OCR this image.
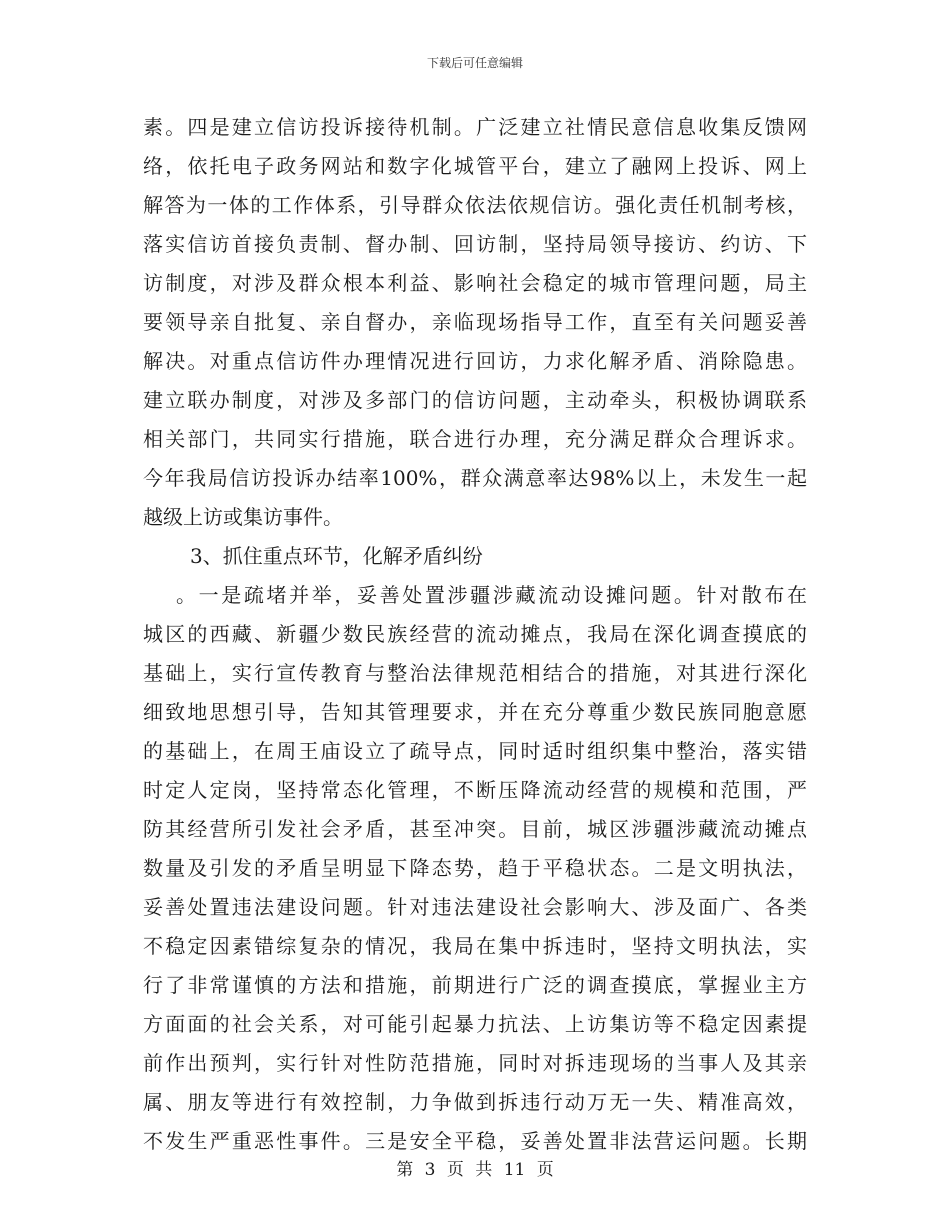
下载后可任意编辑
素。四是建立信访投诉接待机制。广泛建立社情民意信息收集反馈网
络，依托电子政务网站和数字化城管平台，建立了融网上投诉、网上
解答为一体的工作体系，引导群众依法依规信访。强化责任机制考核，
落实信访首接负责制、督办制、回访制，坚持局领导接访、约访、下
访制度，对涉及群众根本利益、影响社会稳定的城市管理问题，局主
要领导亲自批复、亲自督办，亲临现场指导工作，直至有关问题妥善
解决。对重点信访件办理情况进行回访，力求化解矛盾、消除隐患。
建立联办制度，对涉及多部门的信访问题，主动牵头，积极协调联系
相关部门，共同实行措施，联合进行办理，充分满足群众合理诉求。
今年我局信访投诉办结率100%，群众满意率达98%以上，未发生一起
越级上访或集访事件。
3、抓住重点环节，化解矛盾纠纷
。一是疏堵并举，妥善处置涉疆涉藏流动设摊问题。针对散布在
城区的西藏、新疆少数民族经营的流动摊点，我局在深化调查摸底的
基础上，实行宣传教育与整治法律规范相结合的措施，对其进行深化
细致地思想引导，告知其管理要求，并在充分尊重少数民族同胞意愿
的基础上，在周王庙设立了疏导点，同时适时组织集中整治，落实错
时定人定岗，坚持常态化管理，不断压降流动经营的规模和范围，严
防其经营所引发社会矛盾，甚至冲突。目前，城区涉疆涉藏流动摊点
数量及引发的矛盾呈明显下降态势，趋于平稳状态。二是文明执法，
妥善处置违法建设问题。针对违法建设社会影响大、涉及面广、各类
不稳定因素错综复杂的情况，我局在集中拆违时，坚持文明执法，实
行了非常谨慎的方法和措施，前期进行广泛的调查摸底，掌握业主方
方面面的社会关系，对可能引起暴力抗法、上访集访等不稳定因素提
前作出预判，实行针对性防范措施，同时对拆违现场的当事人及其亲
属、朋友等进行有效控制，力争做到拆违行动万无一失、精准高效，
不发生严重恶性事件。三是安全平稳，妥善处置非法营运问题。长期
第 3 页 共 11 页
